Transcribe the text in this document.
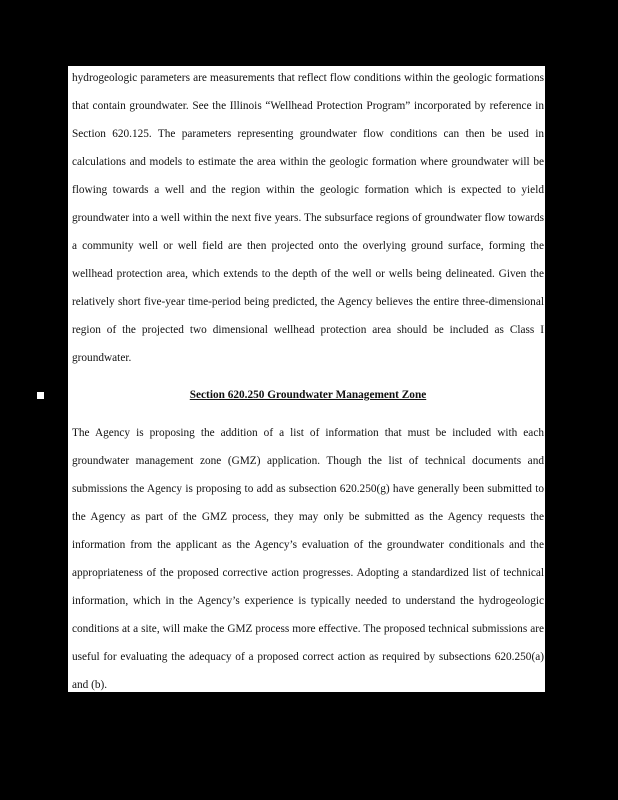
hydrogeologic parameters are measurements that reflect flow conditions within the geologic formations that contain groundwater. See the Illinois “Wellhead Protection Program” incorporated by reference in Section 620.125. The parameters representing groundwater flow conditions can then be used in calculations and models to estimate the area within the geologic formation where groundwater will be flowing towards a well and the region within the geologic formation which is expected to yield groundwater into a well within the next five years. The subsurface regions of groundwater flow towards a community well or well field are then projected onto the overlying ground surface, forming the wellhead protection area, which extends to the depth of the well or wells being delineated. Given the relatively short five-year time-period being predicted, the Agency believes the entire three-dimensional region of the projected two dimensional wellhead protection area should be included as Class I groundwater.

Section 620.250 Groundwater Management Zone

The Agency is proposing the addition of a list of information that must be included with each groundwater management zone (GMZ) application. Though the list of technical documents and submissions the Agency is proposing to add as subsection 620.250(g) have generally been submitted to the Agency as part of the GMZ process, they may only be submitted as the Agency requests the information from the applicant as the Agency’s evaluation of the groundwater conditionals and the appropriateness of the proposed corrective action progresses. Adopting a standardized list of technical information, which in the Agency’s experience is typically needed to understand the hydrogeologic conditions at a site, will make the GMZ process more effective. The proposed technical submissions are useful for evaluating the adequacy of a proposed correct action as required by subsections 620.250(a) and (b).
